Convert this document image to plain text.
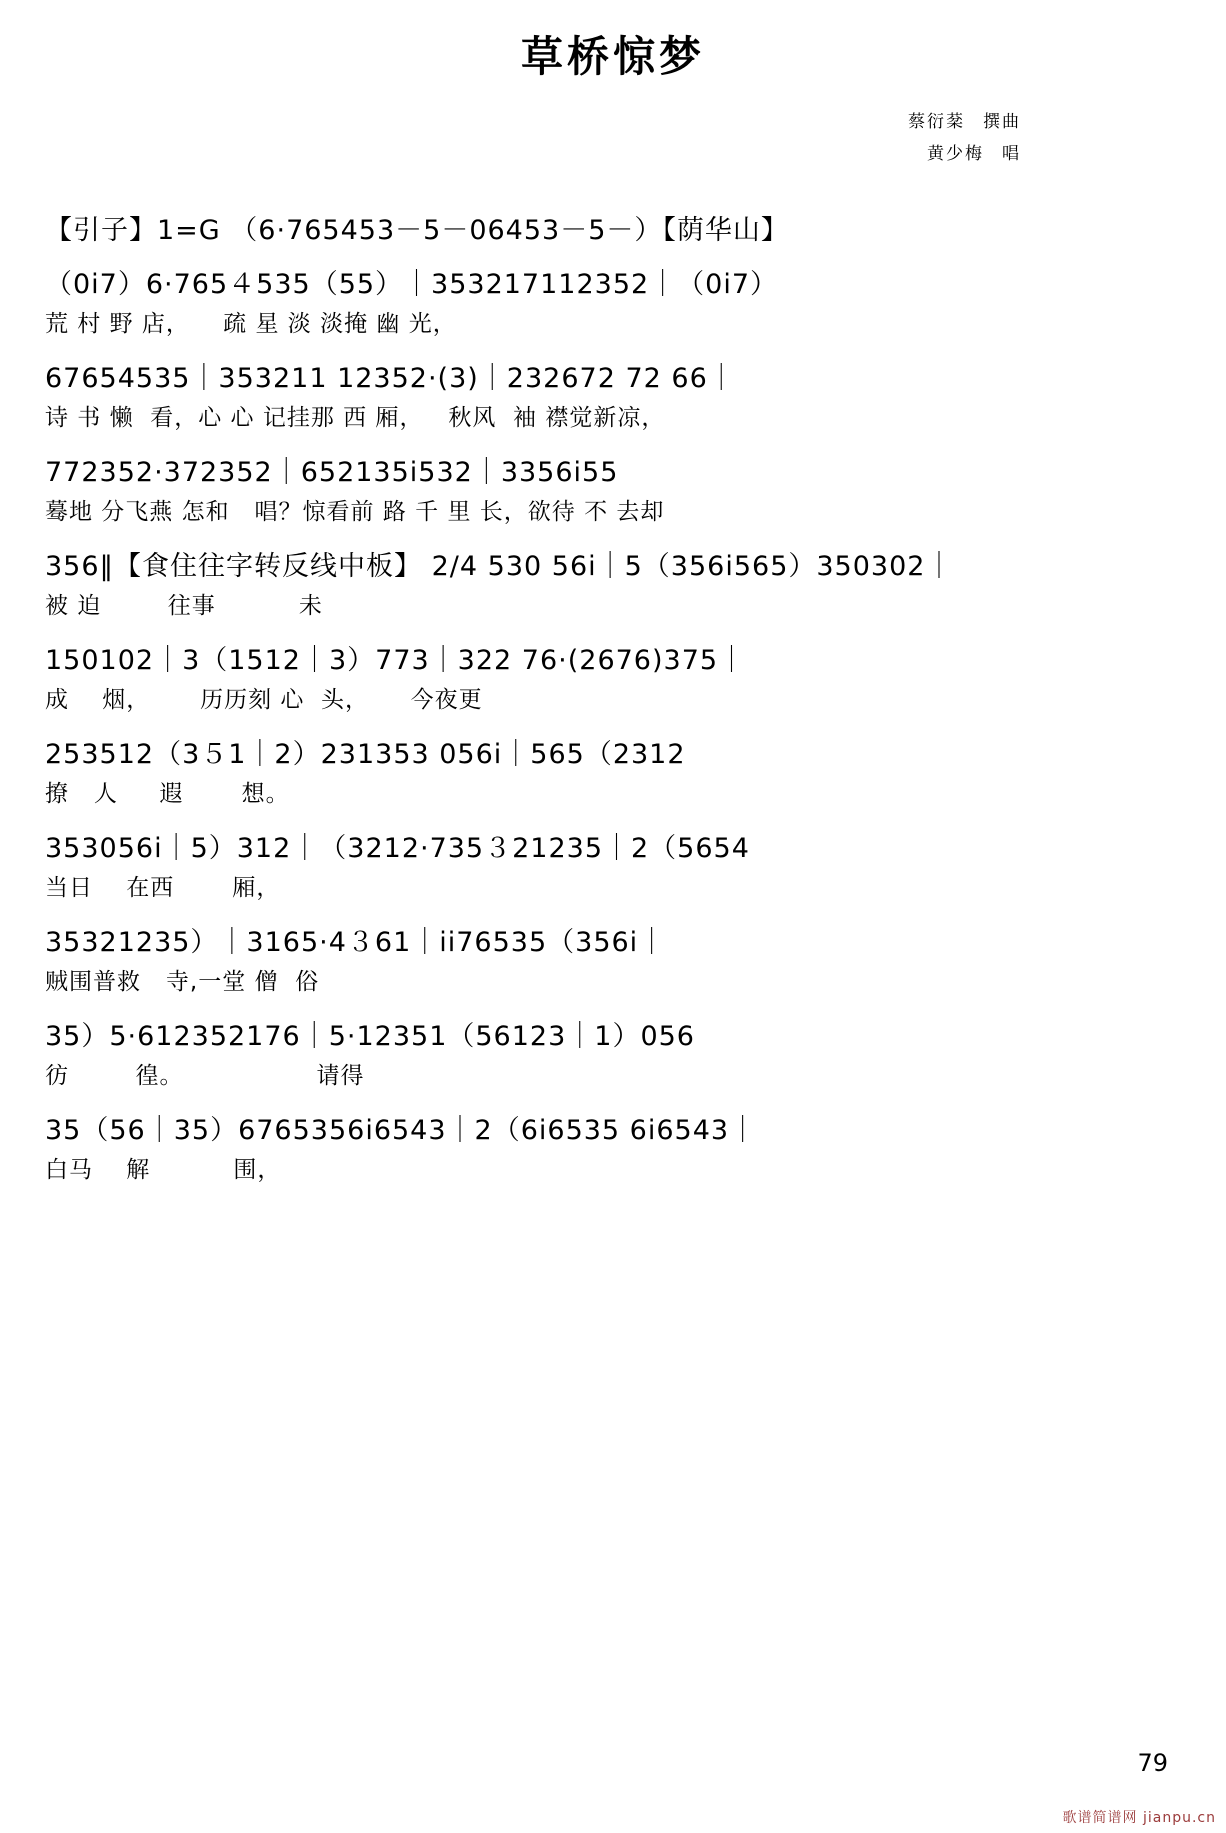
草桥惊梦
蔡衍棻 撰曲
黄少梅 唱
【引子】1=G （6·765453－5－06453－5－）【荫华山】
（0ⅰ7）6·765４535（55）｜353217112352｜（0ⅰ7）
荒 村 野 店，    疏 星 淡 淡掩 幽 光，
67654535｜353211 12352·(3)｜232672 72 66｜
诗 书 懒  看，心 心 记挂那 西 厢，   秋风  袖 襟觉新凉，
772352·372352｜652135ⅰ532｜3356ⅰ55
蓦地 分飞燕 怎和   唱？惊看前 路 千 里 长，欲待 不 去却
356‖【食住往字转反线中板】 2/4 530 56ⅰ｜5（356ⅰ565）350302｜
被 迫        往事          未
150102｜3（1512｜3）773｜322 76·(2676)375｜
成    烟，      历历刻 心  头，     今夜更
253512（3５1｜2）231353 056ⅰ｜565（2312
撩   人     遐       想。
353056ⅰ｜5）312｜（3212·735３21235｜2（5654
当日    在西       厢，
35321235）｜3165·4３61｜ⅰⅰ76535（356ⅰ｜
贼围普救   寺,一堂 僧  俗
35）5·612352176｜5·12351（56123｜1）056
彷        徨。                请得
35（56｜35）6765356ⅰ6543｜2（6ⅰ6535 6ⅰ6543｜
白马    解          围，
79
歌谱简谱网 jianpu.cn
